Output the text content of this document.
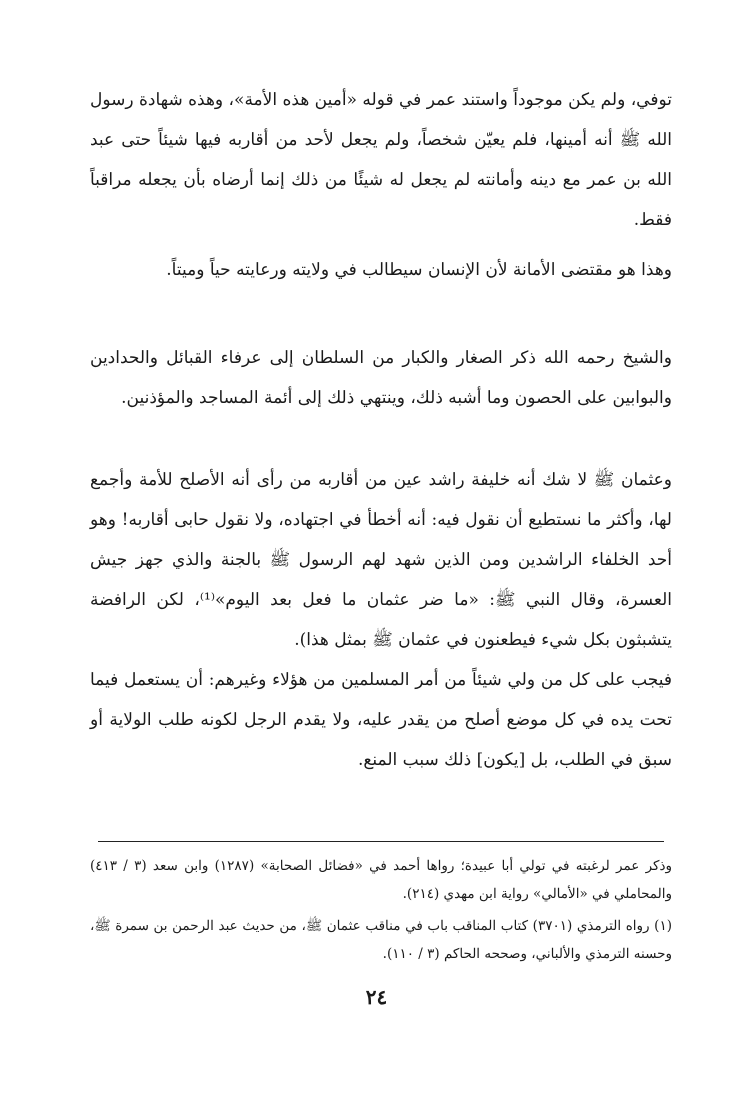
توفي، ولم يكن موجوداً واستند عمر في قوله «أمين هذه الأمة»، وهذه شهادة رسول الله ﷺ أنه أمينها، فلم يعيّن شخصاً، ولم يجعل لأحد من أقاربه فيها شيئاً حتى عبد الله بن عمر مع دينه وأمانته لم يجعل له شيئًا من ذلك إنما أرضاه بأن يجعله مراقباً فقط.

وهذا هو مقتضى الأمانة لأن الإنسان سيطالب في ولايته ورعايته حياً وميتاً.

والشيخ رحمه الله ذكر الصغار والكبار من السلطان إلى عرفاء القبائل والحدادين والبوابين على الحصون وما أشبه ذلك، وينتهي ذلك إلى أئمة المساجد والمؤذنين.

وعثمان ﷺ لا شك أنه خليفة راشد عين من أقاربه من رأى أنه الأصلح للأمة وأجمع لها، وأكثر ما نستطيع أن نقول فيه: أنه أخطأ في اجتهاده، ولا نقول حابى أقاربه! وهو أحد الخلفاء الراشدين ومن الذين شهد لهم الرسول ﷺ بالجنة والذي جهز جيش العسرة، وقال النبي ﷺ: «ما ضر عثمان ما فعل بعد اليوم»⁽¹⁾، لكن الرافضة يتشبثون بكل شيء فيطعنون في عثمان ﷺ بمثل هذا).

فيجب على كل من ولي شيئاً من أمر المسلمين من هؤلاء وغيرهم: أن يستعمل فيما تحت يده في كل موضع أصلح من يقدر عليه، ولا يقدم الرجل لكونه طلب الولاية أو سبق في الطلب، بل [يكون] ذلك سبب المنع.

وذكر عمر لرغبته في تولي أبا عبيدة؛ رواها أحمد في «فضائل الصحابة» (١٢٨٧) وابن سعد (٣ / ٤١٣) والمحاملي في «الأمالي» رواية ابن مهدي (٢١٤).

(١) رواه الترمذي (٣٧٠١) كتاب المناقب باب في مناقب عثمان ﷺ، من حديث عبد الرحمن بن سمرة ﷺ، وحسنه الترمذي والألباني، وصححه الحاكم (٣ / ١١٠).

٢٤
